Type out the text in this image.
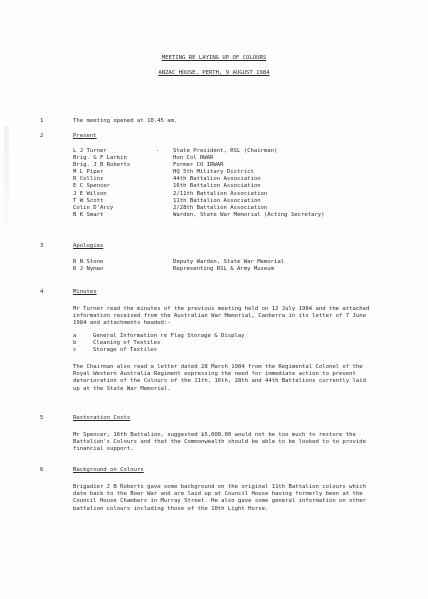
MEETING RE LAYING UP OF COLOURS
ANZAC HOUSE, PERTH, 9 AUGUST 1984
1	The meeting opened at 10.45 am.
2	Present
L J Turner	- State President, RSL (Chairman)
Brig. G F Larkin	Hon Col RWAR
Brig. J B Roberts	Former CO IRWAR
M L Piper	HQ 5th Military District
R Collins	44th Battalion Association
E C Spencer	16th Battalion Association
J E Wilson	2/11th Battalion Association
T W Scott	11th Battalion Association
Colin D'Arcy	2/28th Battalion Association
B K Smart	Warden, State War Memorial (Acting Secretary)
3	Apologies
R N Stone	Deputy Warden, State War Memorial
R J Nyman	Representing RSL & Army Museum
4	Minutes

Mr Turner read the minutes of the previous meeting held on 12 July 1984 and the attached information received from the Australian War Memorial, Canberra in its letter of 7 June 1984 and attachments headed:-

a	General Information re Flag Storage & Display
b	Cleaning of Textiles
c	Storage of Textiles

The Chairman also read a letter dated 28 March 1984 from the Regimental Colonel of the Royal Western Australia Regiment expressing the need for immediate action to prevent deterioration of the Colours of the 11th, 16th, 28th and 44th Battalions currently laid up at the State War Memorial.

5	Restoration Costs

Mr Spencer, 16th Battalion, suggested $5,000.00 would not be too much to restore the Battalion's Colours and that the Commonwealth should be able to be looked to to provide financial support.

6	Background on Colours

Brigadier J B Roberts gave some background on the original 11th Battalion colours which date back to the Boer War and are laid up at Council House having formerly been at the Council House Chambers in Murray Street. He also gave some general information on other battalion colours including those of the 10th Light Horse.
